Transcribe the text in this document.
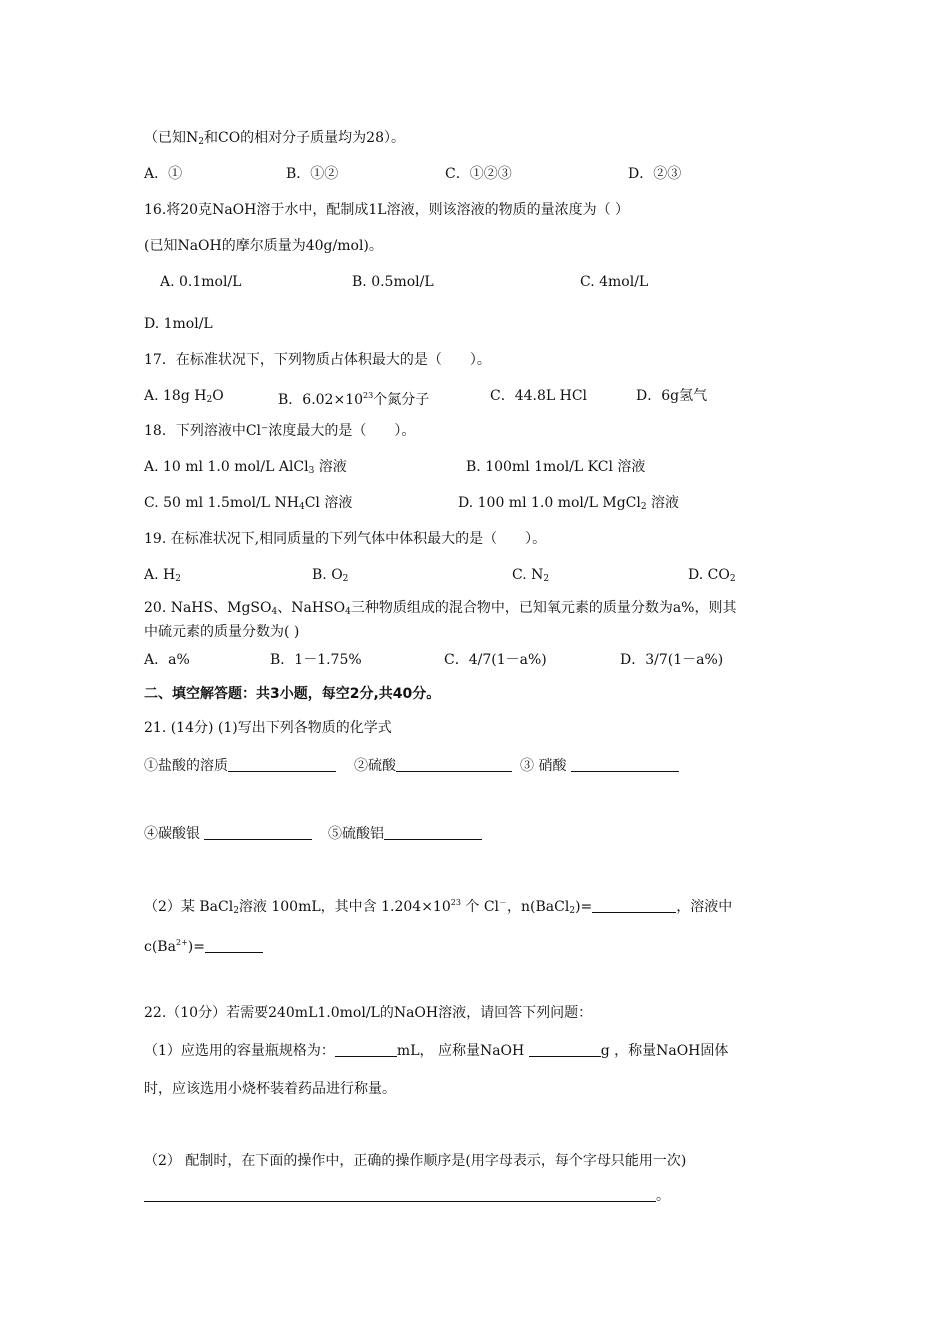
（已知$N_2$和CO的相对分子质量均为28）。
A．①	B．①②	C．①②③	D．②③
16.将20克NaOH溶于水中，配制成1L溶液，则该溶液的物质的量浓度为（ ）
(已知NaOH的摩尔质量为40g/mol)。
A. 0.1mol/L	B. 0.5mol/L	C. 4mol/L
D. 1mol/L
17．在标准状况下，下列物质占体积最大的是（　　）。
A. 18g $H_2O$	B．$6.02\times 10^{23}$个氮分子	C．44.8L HCl	D．6g氢气
18．下列溶液中Cl⁻浓度最大的是（　　）。
A. 10 ml 1.0 mol/L AlCl$_3$ 溶液	B. 100ml 1mol/L KCl 溶液
C. 50 ml 1.5mol/L $NH_4Cl$ 溶液	D. 100 ml 1.0 mol/L MgCl$_2$ 溶液
19. 在标准状况下,相同质量的下列气体中体积最大的是（　　）。
A. $H_2$	B. $O_2$	C. $N_2$	D. $CO_2$
20. NaHS、MgSO$_4$、NaHSO$_4$三种物质组成的混合物中，已知氧元素的质量分数为a%，则其
中硫元素的质量分数为( )
A．a%	B．1－1.75%	C．4/7(1－a%)	D．3/7(1－a%)
二、填空解答题：共3小题，每空2分,共40分。
21. (14分) (1)写出下列各物质的化学式
①盐酸的溶质	②硫酸	③ 硝酸
④碳酸银	⑤硫酸铝
（2）某 BaCl$_2$溶液 100mL，其中含 $1.204\times 10^{23}$ 个 Cl－，n(BaCl$_2$)=	，溶液中
$c(Ba^{2+})=$
22.（10分）若需要240mL1.0mol/L的NaOH溶液，请回答下列问题：
（1）应选用的容量瓶规格为：	mL， 应称量NaOH	g ，称量NaOH固体
时，应该选用小烧杯装着药品进行称量。
（2） 配制时，在下面的操作中，正确的操作顺序是(用字母表示，每个字母只能用一次)
。
